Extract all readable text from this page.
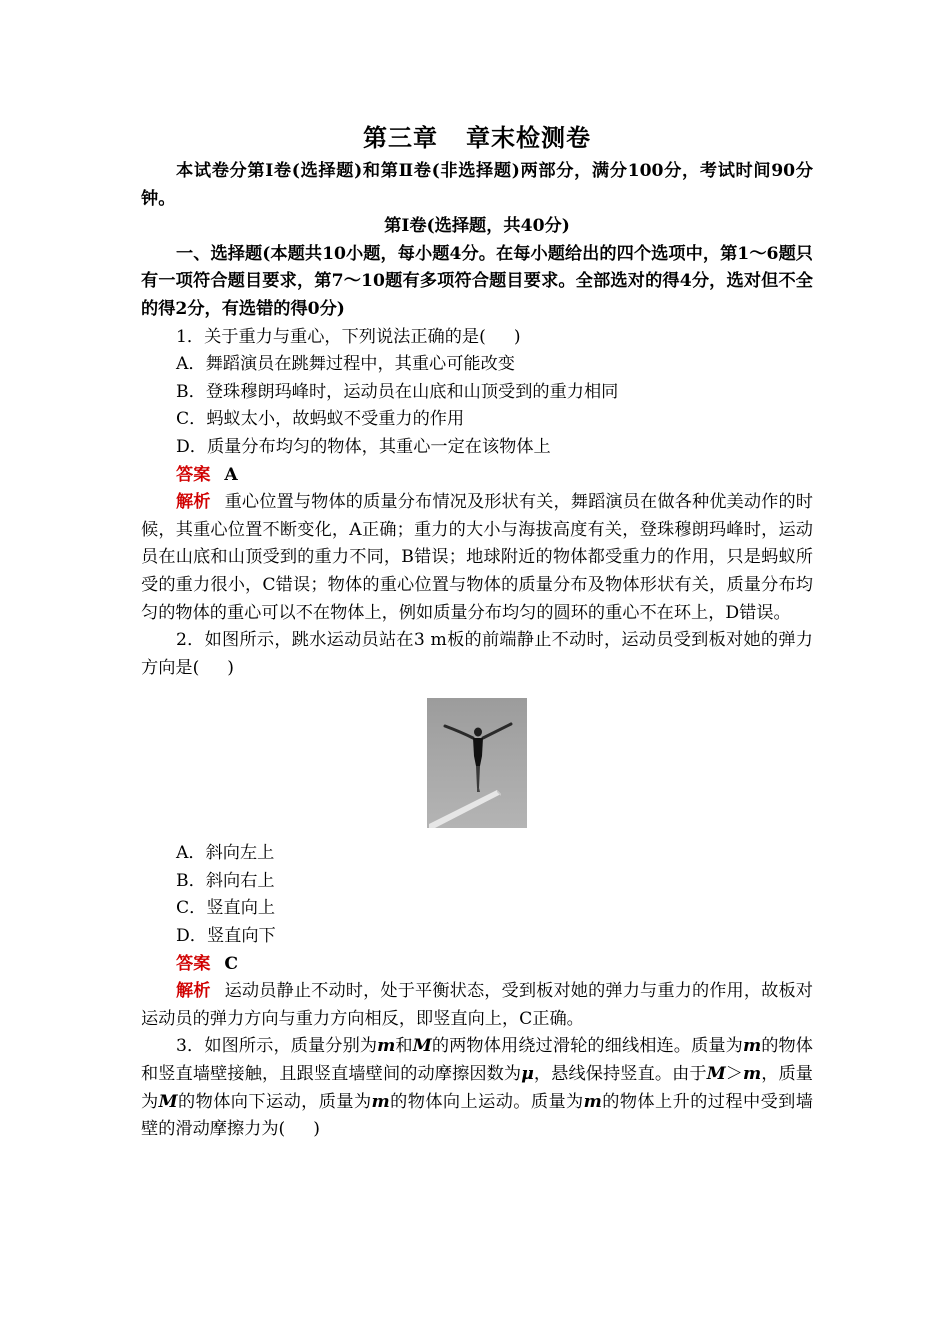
第三章 章末检测卷

本试卷分第Ⅰ卷(选择题)和第Ⅱ卷(非选择题)两部分，满分100分，考试时间90分钟。

第Ⅰ卷(选择题，共40分)

一、选择题(本题共10小题，每小题4分。在每小题给出的四个选项中，第1～6题只有一项符合题目要求，第7～10题有多项符合题目要求。全部选对的得4分，选对但不全的得2分，有选错的得0分)

1．关于重力与重心，下列说法正确的是( )

A．舞蹈演员在跳舞过程中，其重心可能改变

B．登珠穆朗玛峰时，运动员在山底和山顶受到的重力相同

C．蚂蚁太小，故蚂蚁不受重力的作用

D．质量分布均匀的物体，其重心一定在该物体上

答案 A

解析 重心位置与物体的质量分布情况及形状有关，舞蹈演员在做各种优美动作的时候，其重心位置不断变化，A正确；重力的大小与海拔高度有关，登珠穆朗玛峰时，运动员在山底和山顶受到的重力不同，B错误；地球附近的物体都受重力的作用，只是蚂蚁所受的重力很小，C错误；物体的重心位置与物体的质量分布及物体形状有关，质量分布均匀的物体的重心可以不在物体上，例如质量分布均匀的圆环的重心不在环上，D错误。

2．如图所示，跳水运动员站在3 m板的前端静止不动时，运动员受到板对她的弹力方向是( )

A．斜向左上

B．斜向右上

C．竖直向上

D．竖直向下

答案 C

解析 运动员静止不动时，处于平衡状态，受到板对她的弹力与重力的作用，故板对运动员的弹力方向与重力方向相反，即竖直向上，C正确。

3．如图所示，质量分别为m和M的两物体用绕过滑轮的细线相连。质量为m的物体和竖直墙壁接触，且跟竖直墙壁间的动摩擦因数为μ，悬线保持竖直。由于M＞m，质量为M的物体向下运动，质量为m的物体向上运动。质量为m的物体上升的过程中受到墙壁的滑动摩擦力为( )
